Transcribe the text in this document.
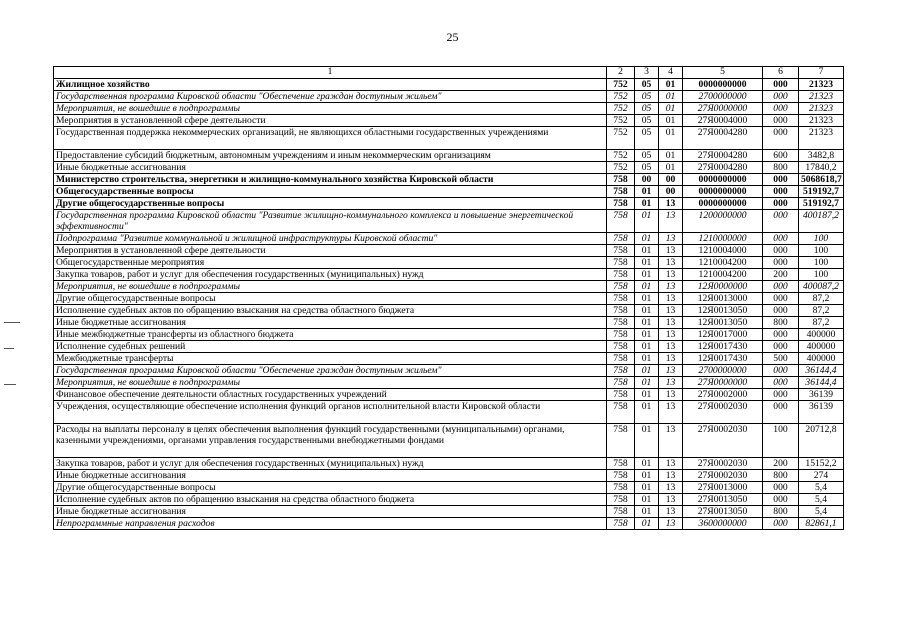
25
1	2	3	4	5	6	7
Жилищное хозяйство	752	05	01	0000000000	000	21323
Государственная программа Кировской области "Обеспечение граждан доступным жильем"	752	05	01	2700000000	000	21323
Мероприятия, не вошедшие в подпрограммы	752	05	01	27Я0000000	000	21323
Мероприятия в установленной сфере деятельности	752	05	01	27Я0004000	000	21323
Государственная поддержка некоммерческих организаций, не являющихся областными государственных учреждениями	752	05	01	27Я0004280	000	21323
Предоставление субсидий бюджетным, автономным учреждениям и иным некоммерческим организациям	752	05	01	27Я0004280	600	3482,8
Иные бюджетные ассигнования	752	05	01	27Я0004280	800	17840,2
Министерство строительства, энергетики и жилищно-коммунального хозяйства Кировской области	758	00	00	0000000000	000	5068618,7
Общегосударственные вопросы	758	01	00	0000000000	000	519192,7
Другие общегосударственные вопросы	758	01	13	0000000000	000	519192,7
Государственная программа Кировской области "Развитие жилищно-коммунального комплекса и повышение энергетической эффективности"	758	01	13	1200000000	000	400187,2
Подпрограмма "Развитие коммунальной и жилищной инфраструктуры Кировской области"	758	01	13	1210000000	000	100
Мероприятия в установленной сфере деятельности	758	01	13	1210004000	000	100
Общегосударственные мероприятия	758	01	13	1210004200	000	100
Закупка товаров, работ и услуг для обеспечения государственных (муниципальных) нужд	758	01	13	1210004200	200	100
Мероприятия, не вошедшие в подпрограммы	758	01	13	12Я0000000	000	400087,2
Другие общегосударственные вопросы	758	01	13	12Я0013000	000	87,2
Исполнение судебных актов по обращению взыскания на средства областного бюджета	758	01	13	12Я0013050	000	87,2
Иные бюджетные ассигнования	758	01	13	12Я0013050	800	87,2
Иные межбюджетные трансферты из областного бюджета	758	01	13	12Я0017000	000	400000
Исполнение судебных решений	758	01	13	12Я0017430	000	400000
Межбюджетные трансферты	758	01	13	12Я0017430	500	400000
Государственная программа Кировской области "Обеспечение граждан доступным жильем"	758	01	13	2700000000	000	36144,4
Мероприятия, не вошедшие в подпрограммы	758	01	13	27Я0000000	000	36144,4
Финансовое обеспечение деятельности областных государственных учреждений	758	01	13	27Я0002000	000	36139
Учреждения, осуществляющие обеспечение исполнения функций органов исполнительной власти Кировской области	758	01	13	27Я0002030	000	36139
Расходы на выплаты персоналу в целях обеспечения выполнения функций государственными (муниципальными) органами, казенными учреждениями, органами управления государственными внебюджетными фондами	758	01	13	27Я0002030	100	20712,8
Закупка товаров, работ и услуг для обеспечения государственных (муниципальных) нужд	758	01	13	27Я0002030	200	15152,2
Иные бюджетные ассигнования	758	01	13	27Я0002030	800	274
Другие общегосударственные вопросы	758	01	13	27Я0013000	000	5,4
Исполнение судебных актов по обращению взыскания на средства областного бюджета	758	01	13	27Я0013050	000	5,4
Иные бюджетные ассигнования	758	01	13	27Я0013050	800	5,4
Непрограммные направления расходов	758	01	13	3600000000	000	82861,1
